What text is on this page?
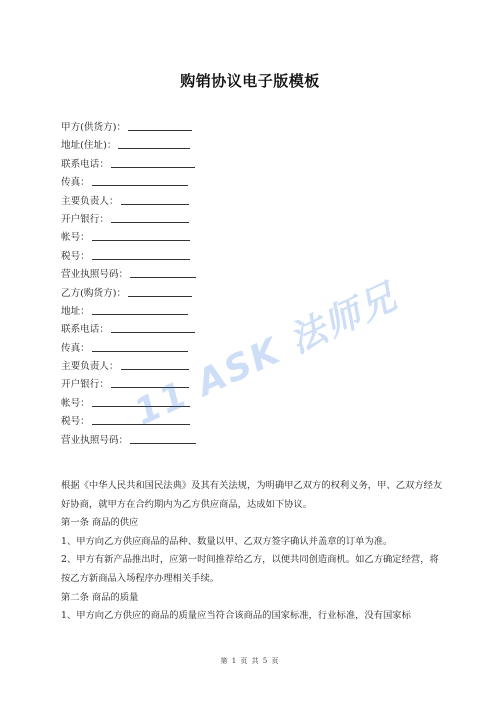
购销协议电子版模板
甲方(供货方)：
地址(住址)：
联系电话：
传真：
主要负责人：
开户银行：
帐号：
税号：
营业执照号码：
乙方(购货方)：
地址：
联系电话：
传真：
主要负责人：
开户银行：
帐号：
税号：
营业执照号码：
11 ASK 法师兄

根据《中华人民共和国民法典》及其有关法规，为明确甲乙双方的权利义务，甲、乙双方经友好协商，就甲方在合约期内为乙方供应商品，达成如下协议。

第一条 商品的供应

1、甲方向乙方供应商品的品种、数量以甲、乙双方签字确认并盖章的订单为准。

2、甲方有新产品推出时，应第一时间推荐给乙方，以便共同创造商机。如乙方确定经营，将按乙方新商品入场程序办理相关手续。

第二条 商品的质量

1、甲方向乙方供应的商品的质量应当符合该商品的国家标准，行业标准，没有国家标

第 1 页 共 5 页
